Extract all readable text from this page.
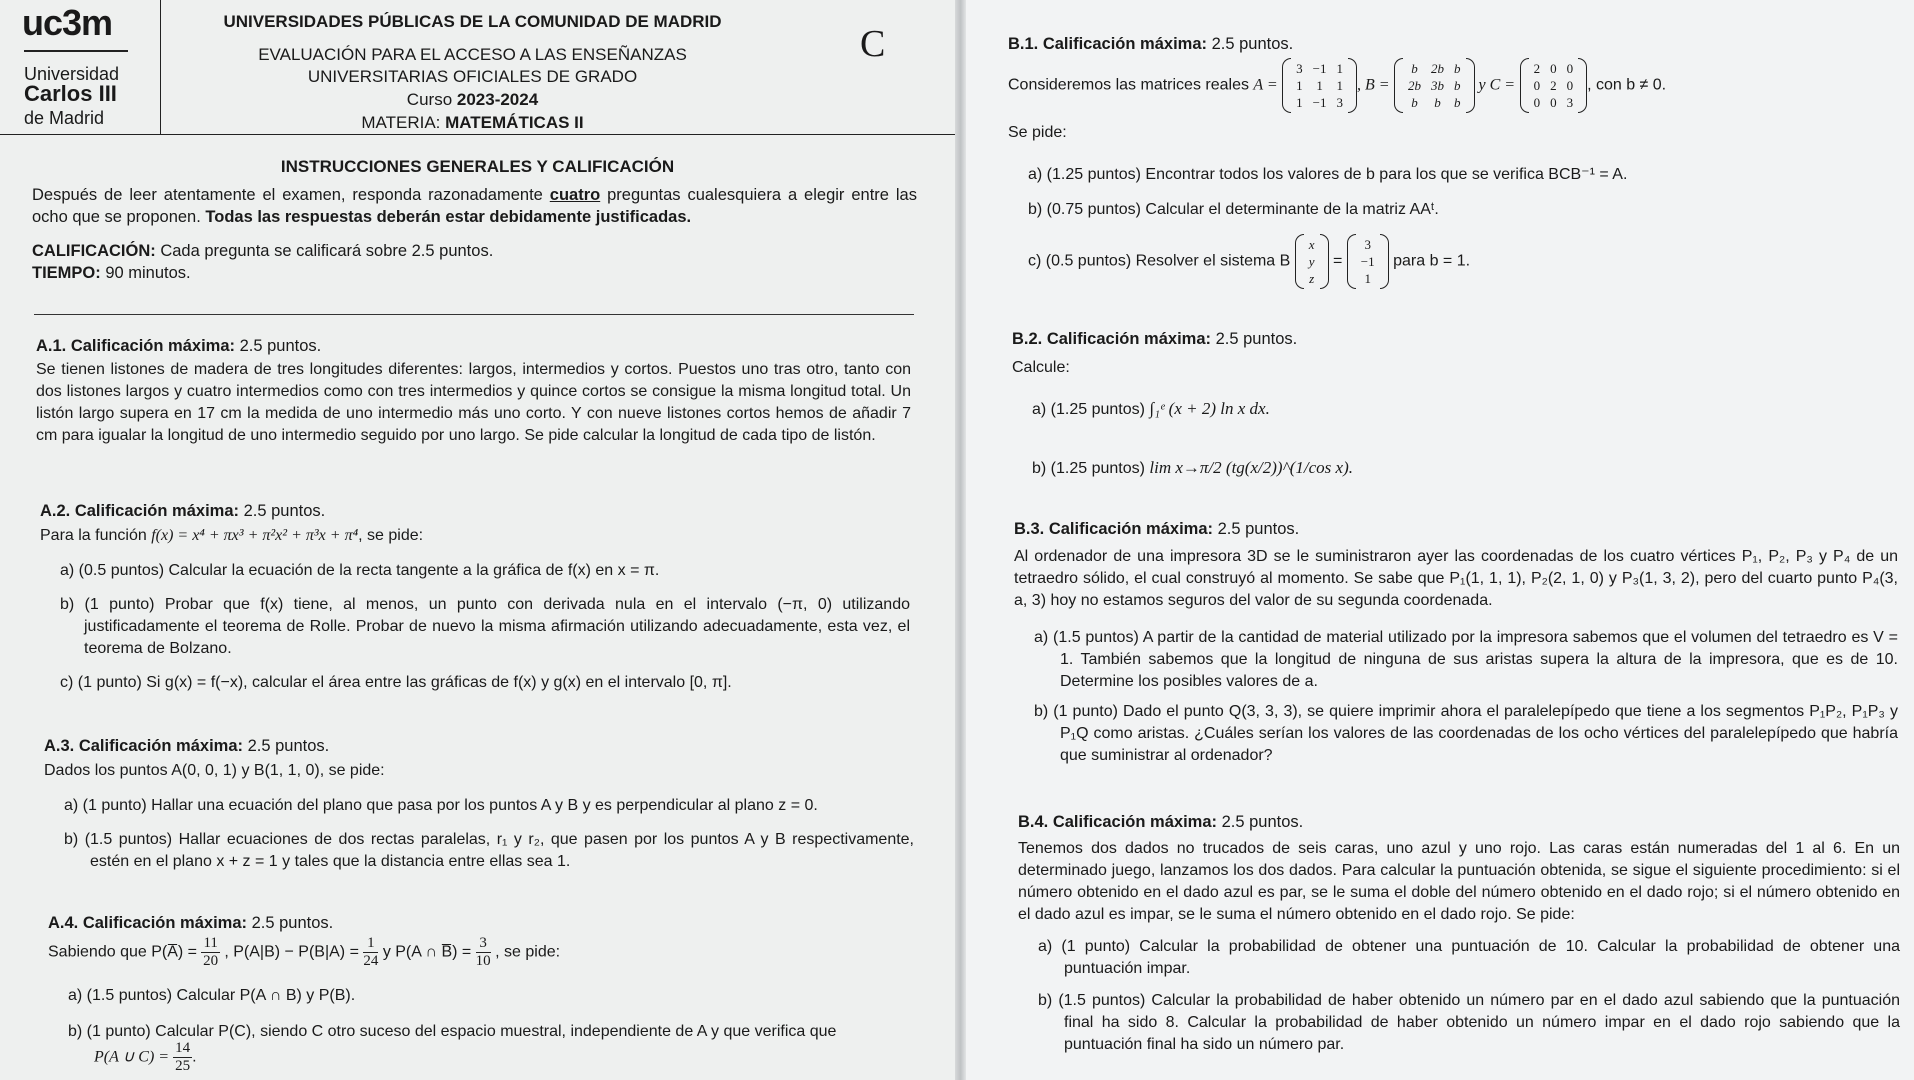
uc3m
Universidad
Carlos III
de Madrid
UNIVERSIDADES PÚBLICAS DE LA COMUNIDAD DE MADRID
EVALUACIÓN PARA EL ACCESO A LAS ENSEÑANZAS
UNIVERSITARIAS OFICIALES DE GRADO
Curso 2023-2024
MATERIA: MATEMÁTICAS II
C
INSTRUCCIONES GENERALES Y CALIFICACIÓN
Después de leer atentamente el examen, responda razonadamente cuatro preguntas cualesquiera a elegir entre las ocho que se proponen. Todas las respuestas deberán estar debidamente justificadas.
CALIFICACIÓN: Cada pregunta se calificará sobre 2.5 puntos.
TIEMPO: 90 minutos.
A.1. Calificación máxima: 2.5 puntos.
Se tienen listones de madera de tres longitudes diferentes: largos, intermedios y cortos. Puestos uno tras otro, tanto con dos listones largos y cuatro intermedios como con tres intermedios y quince cortos se consigue la misma longitud total. Un listón largo supera en 17 cm la medida de uno intermedio más uno corto. Y con nueve listones cortos hemos de añadir 7 cm para igualar la longitud de uno intermedio seguido por uno largo. Se pide calcular la longitud de cada tipo de listón.
A.2. Calificación máxima: 2.5 puntos.
Para la función f(x) = x⁴ + πx³ + π²x² + π³x + π⁴, se pide:
a) (0.5 puntos) Calcular la ecuación de la recta tangente a la gráfica de f(x) en x = π.
b) (1 punto) Probar que f(x) tiene, al menos, un punto con derivada nula en el intervalo (−π, 0) utilizando justificadamente el teorema de Rolle. Probar de nuevo la misma afirmación utilizando adecuadamente, esta vez, el teorema de Bolzano.
c) (1 punto) Si g(x) = f(−x), calcular el área entre las gráficas de f(x) y g(x) en el intervalo [0, π].
A.3. Calificación máxima: 2.5 puntos.
Dados los puntos A(0, 0, 1) y B(1, 1, 0), se pide:
a) (1 punto) Hallar una ecuación del plano que pasa por los puntos A y B y es perpendicular al plano z = 0.
b) (1.5 puntos) Hallar ecuaciones de dos rectas paralelas, r₁ y r₂, que pasen por los puntos A y B respectivamente, estén en el plano x + z = 1 y tales que la distancia entre ellas sea 1.
A.4. Calificación máxima: 2.5 puntos.
Sabiendo que P(A̅) = $\frac{11}{20}$ , $P(A|B) - P(B|A) = \frac{1}{24}$ y P(A ∩ B̅) = $\frac{3}{10}$ , se pide:
a) (1.5 puntos) Calcular P(A ∩ B) y P(B).
b) (1 punto) Calcular P(C), siendo C otro suceso del espacio muestral, independiente de A y que verifica que
P(A ∪ $C) = \frac{14}{25}$ .
B.1. Calificación máxima: 2.5 puntos.
Consideremos las matrices reales A =
3	−1	1
1	1	1
1	−1	3
, B =
b	2b	b
2b	3b	b
b	b	b
y C =
2	0	0
0	2	0
0	0	3
, con b ≠ 0.
Se pide:
a) (1.25 puntos) Encontrar todos los valores de b para los que se verifica BCB⁻¹ = A.
b) (0.75 puntos) Calcular el determinante de la matriz AAᵗ.
c) (0.5 puntos) Resolver el sistema B
x
y
z
=
3
−1
1
para b = 1.
B.2. Calificación máxima: 2.5 puntos.
Calcule:
a) (1.25 puntos) ∫₁ᵉ (x + 2) ln x dx.
b) (1.25 puntos) lim x→π/2 (tg(x/2))^(1/cos x).
B.3. Calificación máxima: 2.5 puntos.
Al ordenador de una impresora 3D se le suministraron ayer las coordenadas de los cuatro vértices P₁, P₂, P₃ y P₄ de un tetraedro sólido, el cual construyó al momento. Se sabe que P₁(1, 1, 1), P₂(2, 1, 0) y P₃(1, 3, 2), pero del cuarto punto P₄(3, a, 3) hoy no estamos seguros del valor de su segunda coordenada.
a) (1.5 puntos) A partir de la cantidad de material utilizado por la impresora sabemos que el volumen del tetraedro es V = 1. También sabemos que la longitud de ninguna de sus aristas supera la altura de la impresora, que es de 10. Determine los posibles valores de a.
b) (1 punto) Dado el punto Q(3, 3, 3), se quiere imprimir ahora el paralelepípedo que tiene a los segmentos P₁P₂, P₁P₃ y P₁Q como aristas. ¿Cuáles serían los valores de las coordenadas de los ocho vértices del paralelepípedo que habría que suministrar al ordenador?
B.4. Calificación máxima: 2.5 puntos.
Tenemos dos dados no trucados de seis caras, uno azul y uno rojo. Las caras están numeradas del 1 al 6. En un determinado juego, lanzamos los dos dados. Para calcular la puntuación obtenida, se sigue el siguiente procedimiento: si el número obtenido en el dado azul es par, se le suma el doble del número obtenido en el dado rojo; si el número obtenido en el dado azul es impar, se le suma el número obtenido en el dado rojo. Se pide:
a) (1 punto) Calcular la probabilidad de obtener una puntuación de 10. Calcular la probabilidad de obtener una puntuación impar.
b) (1.5 puntos) Calcular la probabilidad de haber obtenido un número par en el dado azul sabiendo que la puntuación final ha sido 8. Calcular la probabilidad de haber obtenido un número impar en el dado rojo sabiendo que la puntuación final ha sido un número par.
